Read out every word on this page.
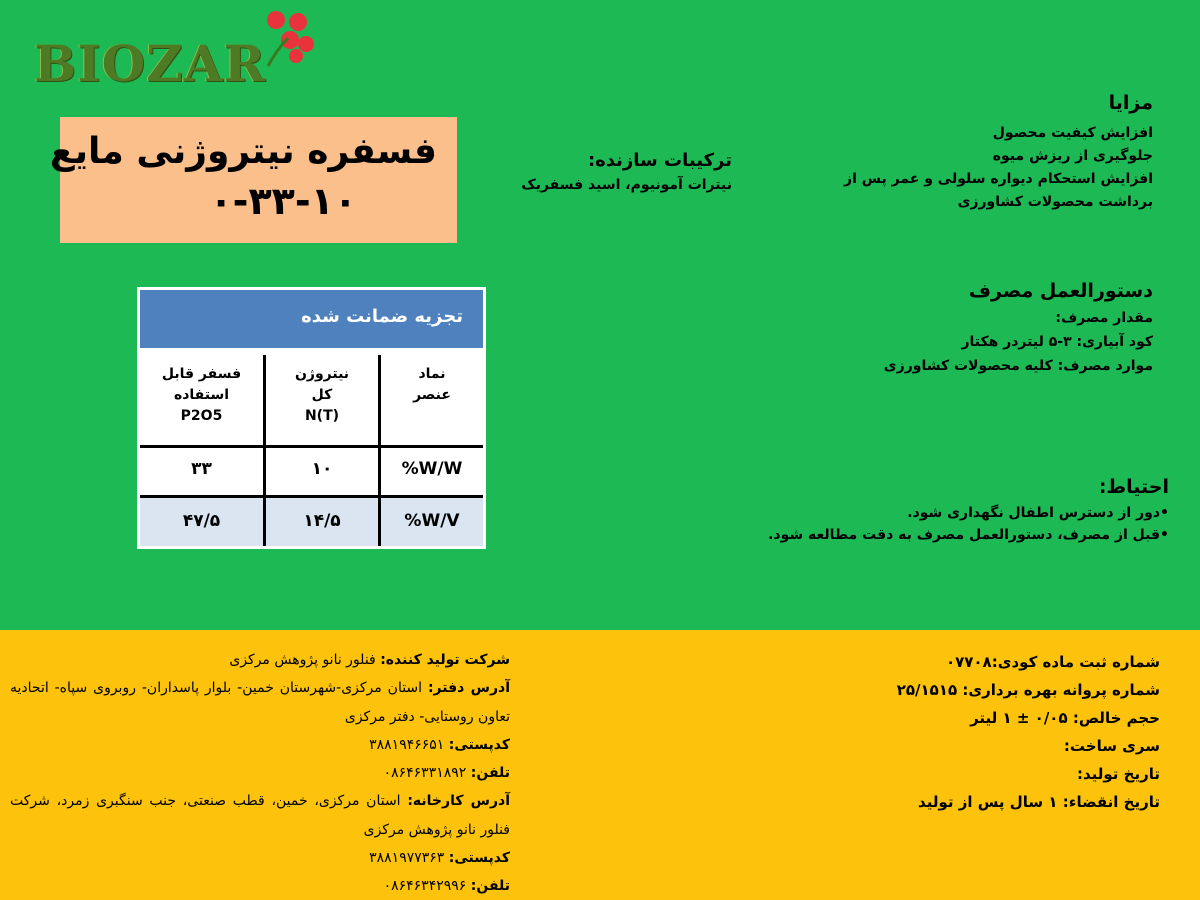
BIOZAR
فسفره نیتروژنی مایع
۰-۳۳-۱۰
ترکیبات سازنده:
نیترات آمونیوم، اسید فسفریک
مزایا
افزایش کیفیت محصول
جلوگیری از ریزش میوه
افزایش استحکام دیواره سلولی و عمر پس از
برداشت محصولات کشاورزی
دستورالعمل مصرف
مقدار مصرف:
کود آبیاری: ۳-۵ لیتردر هکتار
موارد مصرف: کلیه محصولات کشاورزی
احتیاط:
•دور از دسترس اطفال نگهداری شود.
•قبل از مصرف، دستورالعمل مصرف به دقت مطالعه شود.
تجزیه ضمانت شده
نماد
عنصر
نیتروژن
کل
N(T)
فسفر قابل
استفاده
P2O5
W/W%
۱۰
۳۳
W/V%
۱۴/۵
۴۷/۵
شرکت تولید کننده: فنلور نانو پژوهش مرکزی
آدرس دفتر: استان مرکزی-شهرستان خمین- بلوار پاسداران- روبروی سپاه- اتحادیه تعاون روستایی- دفتر مرکزی
کدپستی: ۳۸۸۱۹۴۶۶۵۱
تلفن: ۰۸۶۴۶۳۳۱۸۹۲
آدرس کارخانه: استان مرکزی، خمین، قطب صنعتی، جنب سنگبری زمرد، شرکت فنلور نانو پژوهش مرکزی
کدپستی: ۳۸۸۱۹۷۷۳۶۳
تلفن: ۰۸۶۴۶۳۴۲۹۹۶
شماره ثبت ماده کودی:۰۷۷۰۸
شماره پروانه بهره برداری: ۲۵/۱۵۱۵
حجم خالص: ۰/۰۵ ± ۱ لیتر
سری ساخت:
تاریخ تولید:
تاریخ انقضاء: ۱ سال پس از تولید
